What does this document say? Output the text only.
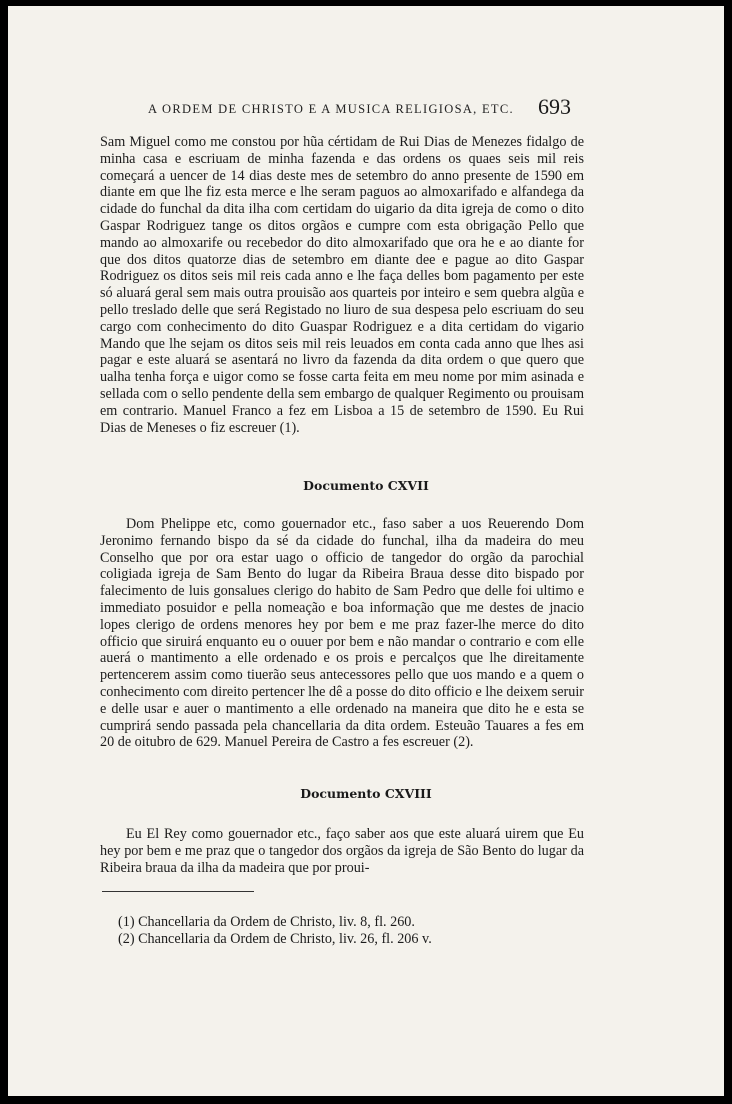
A ORDEM DE CHRISTO E A MUSICA RELIGIOSA, ETC. 693

Sam Miguel como me constou por hũa cértidam de Rui Dias de Menezes fidalgo de minha casa e escriuam de minha fazenda e das ordens os quaes seis mil reis começará a uencer de 14 dias deste mes de setembro do anno presente de 1590 em diante em que lhe fiz esta merce e lhe seram paguos ao almoxarifado e alfandega da cidade do funchal da dita ilha com certidam do uigario da dita igreja de como o dito Gaspar Rodriguez tange os ditos orgãos e cumpre com esta obrigação Pello que mando ao almoxarife ou recebedor do dito almoxarifado que ora he e ao diante for que dos ditos quatorze dias de setembro em diante dee e pague ao dito Gaspar Rodriguez os ditos seis mil reis cada anno e lhe faça delles bom pagamento per este só aluará geral sem mais outra prouisão aos quarteis por inteiro e sem quebra algũa e pello treslado delle que será Registado no liuro de sua despesa pelo escriuam do seu cargo com conhecimento do dito Guaspar Rodriguez e a dita certidam do vigario Mando que lhe sejam os ditos seis mil reis leuados em conta cada anno que lhes asi pagar e este aluará se asentará no livro da fazenda da dita ordem o que quero que ualha tenha força e uigor como se fosse carta feita em meu nome por mim asinada e sellada com o sello pendente della sem embargo de qualquer Regimento ou prouisam em contrario. Manuel Franco a fez em Lisboa a 15 de setembro de 1590. Eu Rui Dias de Meneses o fiz escreuer (1).

Documento CXVII

Dom Phelippe etc, como gouernador etc., faso saber a uos Reuerendo Dom Jeronimo fernando bispo da sé da cidade do funchal, ilha da madeira do meu Conselho que por ora estar uago o officio de tangedor do orgão da parochial coligiada igreja de Sam Bento do lugar da Ribeira Braua desse dito bispado por falecimento de luis gonsalues clerigo do habito de Sam Pedro que delle foi ultimo e immediato posuidor e pella nomeação e boa informação que me destes de jnacio lopes clerigo de ordens menores hey por bem e me praz fazer-lhe merce do dito officio que siruirá enquanto eu o ouuer por bem e não mandar o contrario e com elle auerá o mantimento a elle ordenado e os prois e percalços que lhe direitamente pertencerem assim como tiuerão seus antecessores pello que uos mando e a quem o conhecimento com direito pertencer lhe dê a posse do dito officio e lhe deixem seruir e delle usar e auer o mantimento a elle ordenado na maneira que dito he e esta se cumprirá sendo passada pela chancellaria da dita ordem. Esteuão Tauares a fes em 20 de oitubro de 629. Manuel Pereira de Castro a fes escreuer (2).

Documento CXVIII

Eu El Rey como gouernador etc., faço saber aos que este aluará uirem que Eu hey por bem e me praz que o tangedor dos orgãos da igreja de São Bento do lugar da Ribeira braua da ilha da madeira que por proui-

(1) Chancellaria da Ordem de Christo, liv. 8, fl. 260.
(2) Chancellaria da Ordem de Christo, liv. 26, fl. 206 v.
